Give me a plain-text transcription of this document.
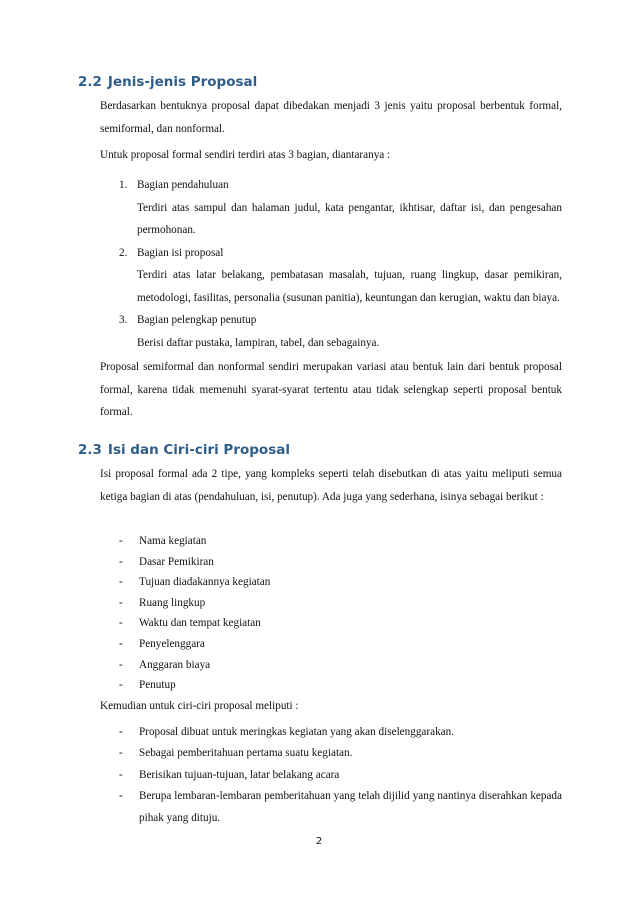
2.2 Jenis-jenis Proposal
Berdasarkan bentuknya proposal dapat dibedakan menjadi 3 jenis yaitu proposal berbentuk formal, semiformal, dan nonformal.
Untuk proposal formal sendiri terdiri atas 3 bagian, diantaranya :
1. Bagian pendahuluan
Terdiri atas sampul dan halaman judul, kata pengantar, ikhtisar, daftar isi, dan pengesahan permohonan.
2. Bagian isi proposal
Terdiri atas latar belakang, pembatasan masalah, tujuan, ruang lingkup, dasar pemikiran, metodologi, fasilitas, personalia (susunan panitia), keuntungan dan kerugian, waktu dan biaya.
3. Bagian pelengkap penutup
Berisi daftar pustaka, lampiran, tabel, dan sebagainya.
Proposal semiformal dan nonformal sendiri merupakan variasi atau bentuk lain dari bentuk proposal formal, karena tidak memenuhi syarat-syarat tertentu atau tidak selengkap seperti proposal bentuk formal.
2.3 Isi dan Ciri-ciri Proposal
Isi proposal formal ada 2 tipe, yang kompleks seperti telah disebutkan di atas yaitu meliputi semua ketiga bagian di atas (pendahuluan, isi, penutup). Ada juga yang sederhana, isinya sebagai berikut :
- Nama kegiatan
- Dasar Pemikiran
- Tujuan diadakannya kegiatan
- Ruang lingkup
- Waktu dan tempat kegiatan
- Penyelenggara
- Anggaran biaya
- Penutup
Kemudian untuk ciri-ciri proposal meliputi :
- Proposal dibuat untuk meringkas kegiatan yang akan diselenggarakan.
- Sebagai pemberitahuan pertama suatu kegiatan.
- Berisikan tujuan-tujuan, latar belakang acara
- Berupa lembaran-lembaran pemberitahuan yang telah dijilid yang nantinya diserahkan kepada pihak yang dituju.
2
